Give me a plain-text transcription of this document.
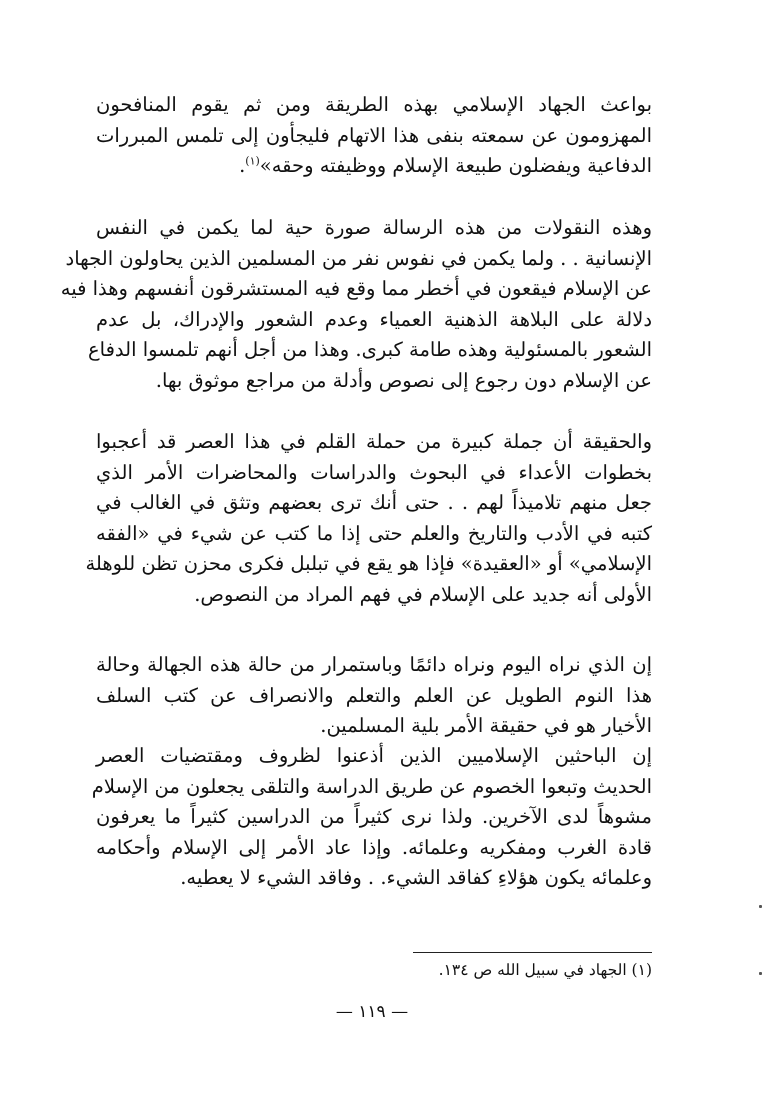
بواعث الجهاد الإسلامي بهذه الطريقة ومن ثم يقوم المنافحون
المهزومون عن سمعته بنفى هذا الاتهام فليجأون إلى تلمس المبررات
الدفاعية ويفضلون طبيعة الإسلام ووظيفته وحقه»$^{(١)}$.
وهذه النقولات من هذه الرسالة صورة حية لما يكمن في النفس
الإنسانية . . ولما يكمن في نفوس نفر من المسلمين الذين يحاولون الجهاد
عن الإسلام فيقعون في أخطر مما وقع فيه المستشرقون أنفسهم وهذا فيه
دلالة على البلاهة الذهنية العمياء وعدم الشعور والإدراك، بل عدم
الشعور بالمسئولية وهذه طامة كبرى. وهذا من أجل أنهم تلمسوا الدفاع
عن الإسلام دون رجوع إلى نصوص وأدلة من مراجع موثوق بها.
والحقيقة أن جملة كبيرة من حملة القلم في هذا العصر قد أعجبوا
بخطوات الأعداء في البحوث والدراسات والمحاضرات الأمر الذي
جعل منهم تلاميذاً لهم . . حتى أنك ترى بعضهم وتثق في الغالب في
كتبه في الأدب والتاريخ والعلم حتى إذا ما كتب عن شيء في «الفقه
الإسلامي» أو «العقيدة» فإذا هو يقع في تبلبل فكرى محزن تظن للوهلة
الأولى أنه جديد على الإسلام في فهم المراد من النصوص.
إن الذي نراه اليوم ونراه دائمًا وباستمرار من حالة هذه الجهالة وحالة
هذا النوم الطويل عن العلم والتعلم والانصراف عن كتب السلف
الأخيار هو في حقيقة الأمر بلية المسلمين.
إن الباحثين الإسلاميين الذين أذعنوا لظروف ومقتضيات العصر
الحديث وتبعوا الخصوم عن طريق الدراسة والتلقى يجعلون من الإسلام
مشوهاً لدى الآخرين. ولذا نرى كثيراً من الدراسين كثيراً ما يعرفون
قادة الغرب ومفكريه وعلمائه. وإذا عاد الأمر إلى الإسلام وأحكامه
وعلمائه يكون هؤلاءِ كفاقد الشيء. . وفاقد الشيء لا يعطيه.
(١) الجهاد في سبيل الله ص ١٣٤.
— ١١٩ —
